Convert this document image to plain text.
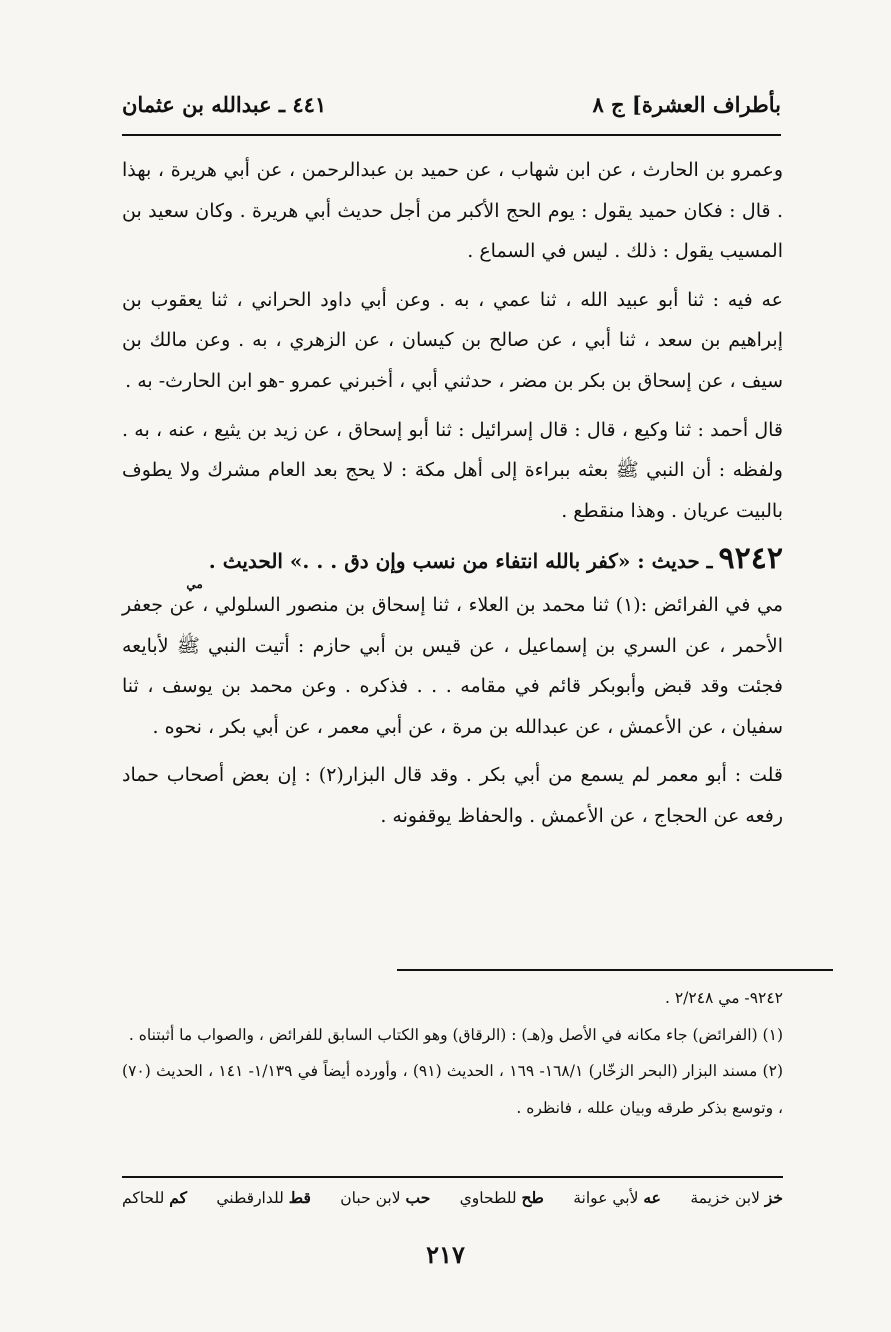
بأطراف العشرة] ج ٨
٤٤١ ـ عبدالله بن عثمان

وعمرو بن الحارث ، عن ابن شهاب ، عن حميد بن عبدالرحمن ، عن أبي هريرة ، بهذا . قال : فكان حميد يقول : يوم الحج الأكبر من أجل حديث أبي هريرة . وكان سعيد بن المسيب يقول : ذلك . ليس في السماع .

عه فيه : ثنا أبو عبيد الله ، ثنا عمي ، به . وعن أبي داود الحراني ، ثنا يعقوب بن إبراهيم بن سعد ، ثنا أبي ، عن صالح بن كيسان ، عن الزهري ، به . وعن مالك بن سيف ، عن إسحاق بن بكر بن مضر ، حدثني أبي ، أخبرني عمرو -هو ابن الحارث- به .

قال أحمد : ثنا وكيع ، قال : قال إسرائيل : ثنا أبو إسحاق ، عن زيد بن يثيع ، عنه ، به . ولفظه : أن النبي ﷺ بعثه ببراءة إلى أهل مكة : لا يحج بعد العام مشرك ولا يطوف بالبيت عريان . وهذا منقطع .

٩٢٤٢
ـ حديث : «كفر بالله انتفاء من نسب وإن دق . . .» الحديث .
مي

مي في الفرائض :(١) ثنا محمد بن العلاء ، ثنا إسحاق بن منصور السلولي ، عن جعفر الأحمر ، عن السري بن إسماعيل ، عن قيس بن أبي حازم : أتيت النبي ﷺ لأبايعه فجئت وقد قبض وأبوبكر قائم في مقامه . . . فذكره . وعن محمد بن يوسف ، ثنا سفيان ، عن الأعمش ، عن عبدالله بن مرة ، عن أبي معمر ، عن أبي بكر ، نحوه .

قلت : أبو معمر لم يسمع من أبي بكر . وقد قال البزار(٢) : إن بعض أصحاب حماد رفعه عن الحجاج ، عن الأعمش . والحفاظ يوقفونه .

٩٢٤٢- مي ٢/٢٤٨ .

(١) (الفرائض) جاء مكانه في الأصل و(هـ) : (الرقاق) وهو الكتاب السابق للفرائض ، والصواب ما أثبتناه .

(٢) مسند البزار (البحر الزخّار) ١٦٨/١- ١٦٩ ، الحديث (٩١) ، وأورده أيضاً في ١/١٣٩- ١٤١ ، الحديث (٧٠) ، وتوسع بذكر طرقه وبيان علله ، فانظره .

خز لابن خزيمة
عه لأبي عوانة
طح للطحاوي
حب لابن حبان
قط للدارقطني
كم للحاكم
٢١٧
